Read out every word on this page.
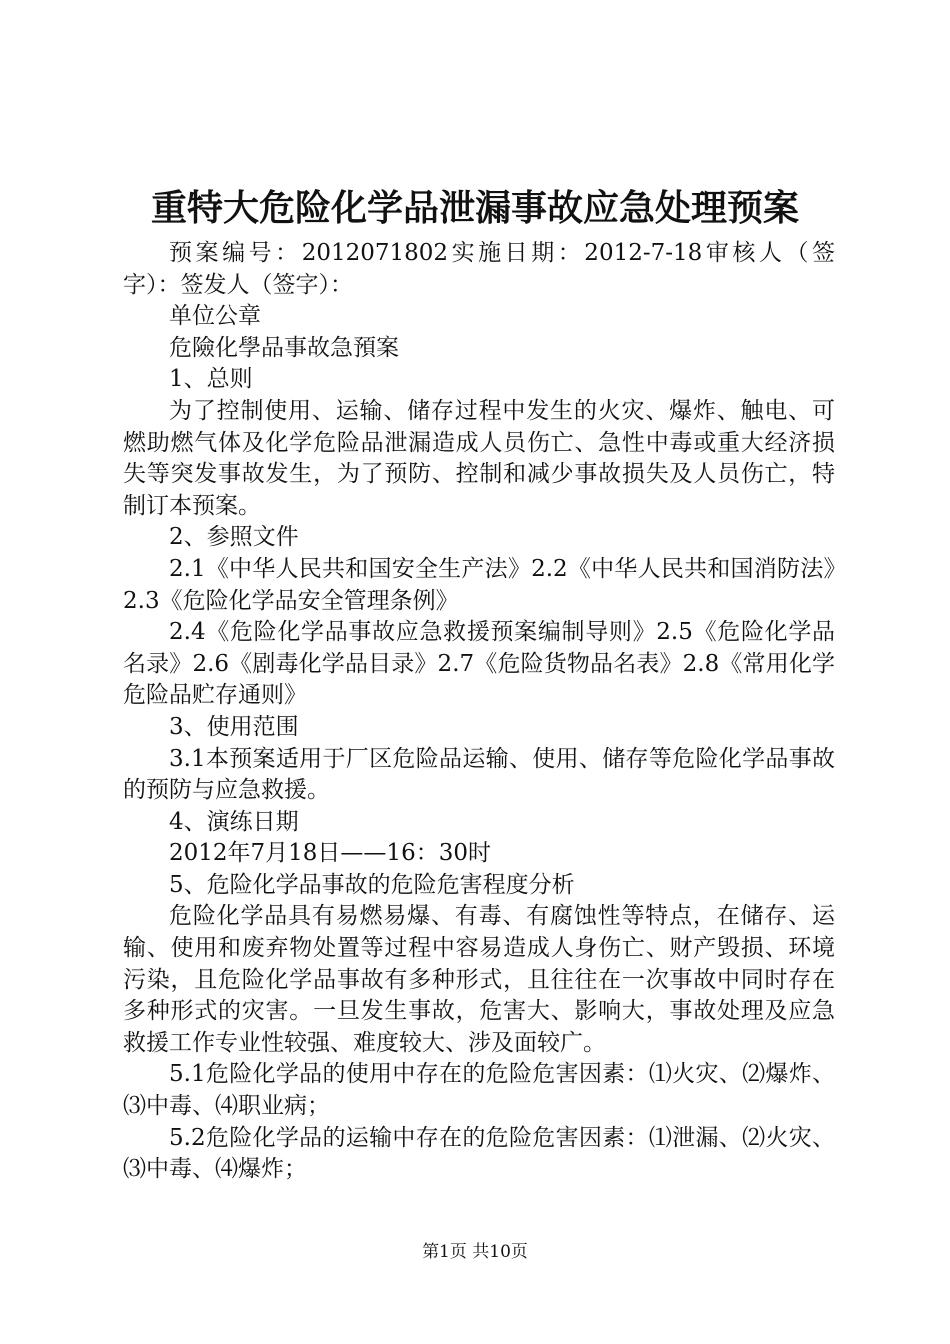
重特大危险化学品泄漏事故应急处理预案

预案编号：2012071802实施日期：2012-7-18审核人（签字）：签发人（签字）：

单位公章

危險化學品事故急預案

1、总则

为了控制使用、运输、储存过程中发生的火灾、爆炸、触电、可燃助燃气体及化学危险品泄漏造成人员伤亡、急性中毒或重大经济损失等突发事故发生，为了预防、控制和减少事故损失及人员伤亡，特制订本预案。

2、参照文件

2.1《中华人民共和国安全生产法》2.2《中华人民共和国消防法》2.3《危险化学品安全管理条例》

2.4《危险化学品事故应急救援预案编制导则》2.5《危险化学品名录》2.6《剧毒化学品目录》2.7《危险货物品名表》2.8《常用化学危险品贮存通则》

3、使用范围

3.1本预案适用于厂区危险品运输、使用、储存等危险化学品事故的预防与应急救援。

4、演练日期

2012年7月18日——16：30时

5、危险化学品事故的危险危害程度分析

危险化学品具有易燃易爆、有毒、有腐蚀性等特点，在储存、运输、使用和废弃物处置等过程中容易造成人身伤亡、财产毁损、环境污染，且危险化学品事故有多种形式，且往往在一次事故中同时存在多种形式的灾害。一旦发生事故，危害大、影响大，事故处理及应急救援工作专业性较强、难度较大、涉及面较广。

5.1危险化学品的使用中存在的危险危害因素：⑴火灾、⑵爆炸、⑶中毒、⑷职业病；

5.2危险化学品的运输中存在的危险危害因素：⑴泄漏、⑵火灾、⑶中毒、⑷爆炸；

第1页 共10页
